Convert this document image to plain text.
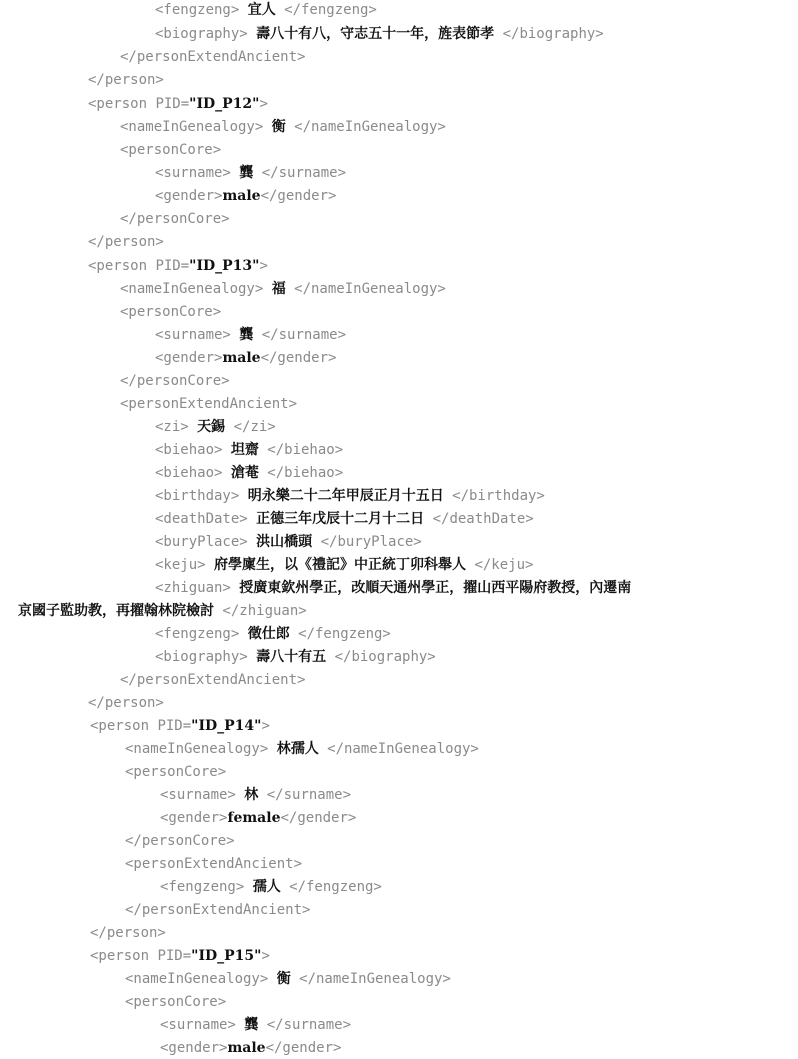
<fengzeng> 宜人 </fengzeng>
<biography> 壽八十有八，守志五十一年，旌表節孝 </biography>
</personExtendAncient>
</person>
<person PID="ID_P12">
<nameInGenealogy> 衡 </nameInGenealogy>
<personCore>
<surname> 龔 </surname>
<gender>male</gender>
</personCore>
</person>
<person PID="ID_P13">
<nameInGenealogy> 福 </nameInGenealogy>
<personCore>
<surname> 龔 </surname>
<gender>male</gender>
</personCore>
<personExtendAncient>
<zi> 天錫 </zi>
<biehao> 坦齋 </biehao>
<biehao> 滄菴 </biehao>
<birthday> 明永樂二十二年甲辰正月十五日 </birthday>
<deathDate> 正德三年戊辰十二月十二日 </deathDate>
<buryPlace> 洪山橋頭 </buryPlace>
<keju> 府學廩生，以《禮記》中正統丁卯科舉人 </keju>
<zhiguan> 授廣東欽州學正，改順天通州學正，擢山西平陽府教授，內遷南
京國子監助教，再擢翰林院檢討 </zhiguan>
<fengzeng> 徵仕郎 </fengzeng>
<biography> 壽八十有五 </biography>
</personExtendAncient>
</person>
<person PID="ID_P14">
<nameInGenealogy> 林孺人 </nameInGenealogy>
<personCore>
<surname> 林 </surname>
<gender>female</gender>
</personCore>
<personExtendAncient>
<fengzeng> 孺人 </fengzeng>
</personExtendAncient>
</person>
<person PID="ID_P15">
<nameInGenealogy> 衡 </nameInGenealogy>
<personCore>
<surname> 龔 </surname>
<gender>male</gender>
